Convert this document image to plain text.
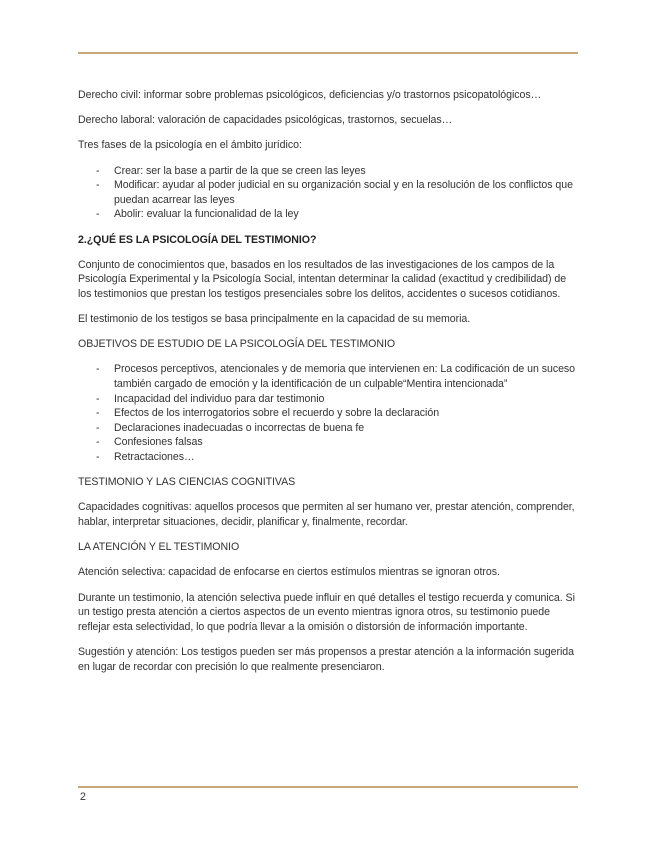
Derecho civil: informar sobre problemas psicológicos, deficiencias y/o trastornos psicopatológicos…

Derecho laboral: valoración de capacidades psicológicas, trastornos, secuelas…

Tres fases de la psicología en el ámbito jurídico:

- Crear: ser la base a partir de la que se creen las leyes
- Modificar: ayudar al poder judicial en su organización social y en la resolución de los conflictos que puedan acarrear las leyes
- Abolir: evaluar la funcionalidad de la ley
2.¿QUÉ ES LA PSICOLOGÍA DEL TESTIMONIO?

Conjunto de conocimientos que, basados en los resultados de las investigaciones de los campos de la Psicología Experimental y la Psicología Social, intentan determinar la calidad (exactitud y credibilidad) de los testimonios que prestan los testigos presenciales sobre los delitos, accidentes o sucesos cotidianos.

El testimonio de los testigos se basa principalmente en la capacidad de su memoria.

OBJETIVOS DE ESTUDIO DE LA PSICOLOGÍA DEL TESTIMONIO

- Procesos perceptivos, atencionales y de memoria que intervienen en: La codificación de un suceso también cargado de emoción y la identificación de un culpable“Mentira intencionada”
- Incapacidad del individuo para dar testimonio
- Efectos de los interrogatorios sobre el recuerdo y sobre la declaración
- Declaraciones inadecuadas o incorrectas de buena fe
- Confesiones falsas
- Retractaciones…

TESTIMONIO Y LAS CIENCIAS COGNITIVAS

Capacidades cognitivas: aquellos procesos que permiten al ser humano ver, prestar atención, comprender, hablar, interpretar situaciones, decidir, planificar y, finalmente, recordar.

LA ATENCIÓN Y EL TESTIMONIO

Atención selectiva: capacidad de enfocarse en ciertos estímulos mientras se ignoran otros.

Durante un testimonio, la atención selectiva puede influir en qué detalles el testigo recuerda y comunica. Si un testigo presta atención a ciertos aspectos de un evento mientras ignora otros, su testimonio puede reflejar esta selectividad, lo que podría llevar a la omisión o distorsión de información importante.

Sugestión y atención: Los testigos pueden ser más propensos a prestar atención a la información sugerida en lugar de recordar con precisión lo que realmente presenciaron.

2
